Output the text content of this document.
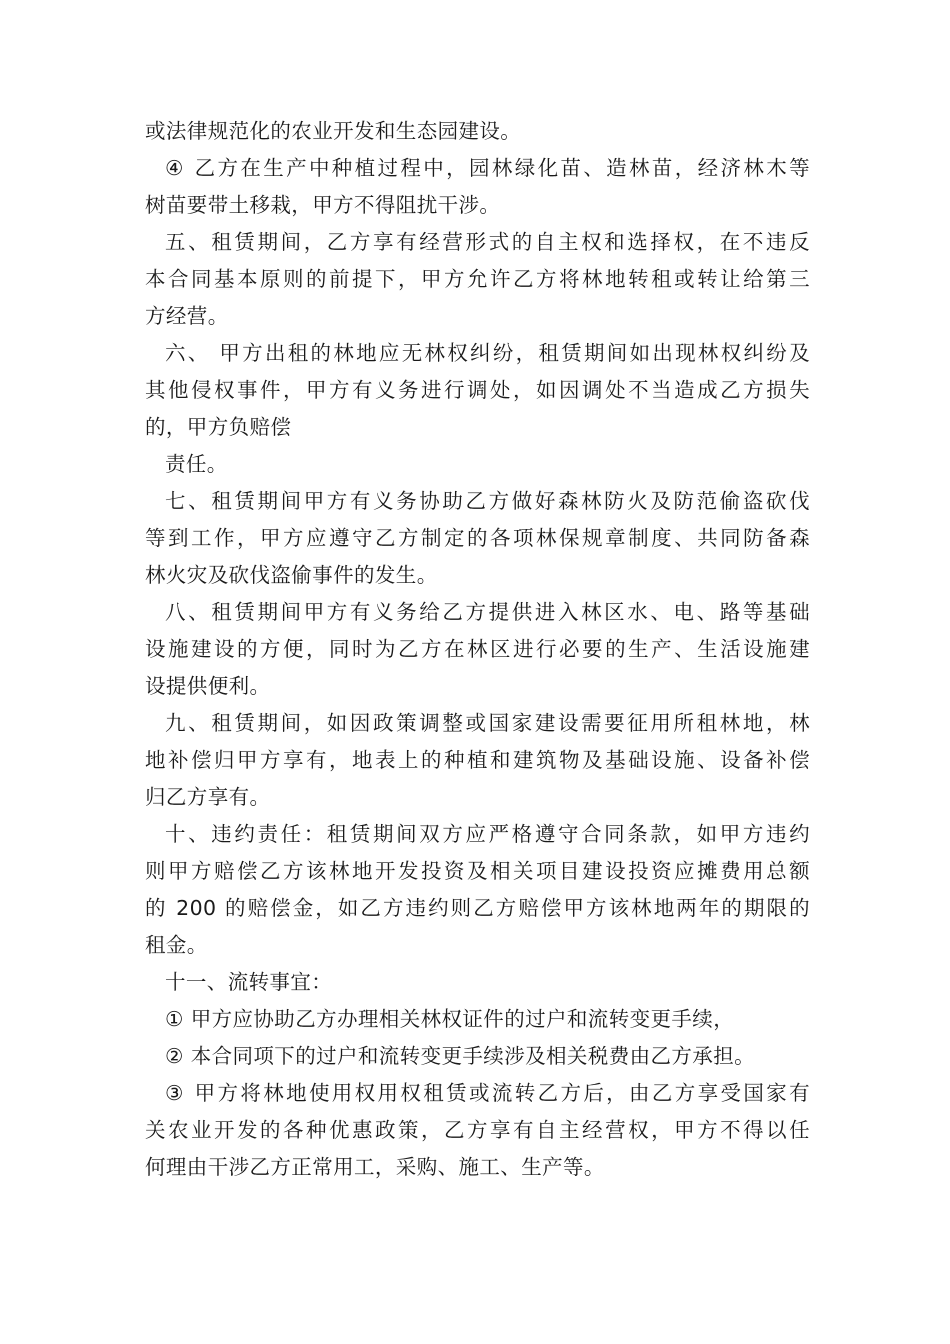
或法律规范化的农业开发和生态园建设。
④ 乙方在生产中种植过程中，园林绿化苗、造林苗，经济林木等
树苗要带土移栽，甲方不得阻扰干涉。
五、租赁期间，乙方享有经营形式的自主权和选择权，在不违反
本合同基本原则的前提下，甲方允许乙方将林地转租或转让给第三
方经营。
六、 甲方出租的林地应无林权纠纷，租赁期间如出现林权纠纷及
其他侵权事件，甲方有义务进行调处，如因调处不当造成乙方损失
的，甲方负赔偿
责任。
七、租赁期间甲方有义务协助乙方做好森林防火及防范偷盗砍伐
等到工作，甲方应遵守乙方制定的各项林保规章制度、共同防备森
林火灾及砍伐盗偷事件的发生。
八、租赁期间甲方有义务给乙方提供进入林区水、电、路等基础
设施建设的方便，同时为乙方在林区进行必要的生产、生活设施建
设提供便利。
九、租赁期间，如因政策调整或国家建设需要征用所租林地，林
地补偿归甲方享有，地表上的种植和建筑物及基础设施、设备补偿
归乙方享有。
十、违约责任：租赁期间双方应严格遵守合同条款，如甲方违约
则甲方赔偿乙方该林地开发投资及相关项目建设投资应摊费用总额
的 200 的赔偿金，如乙方违约则乙方赔偿甲方该林地两年的期限的
租金。
十一、流转事宜：
① 甲方应协助乙方办理相关林权证件的过户和流转变更手续，
② 本合同项下的过户和流转变更手续涉及相关税费由乙方承担。
③ 甲方将林地使用权用权租赁或流转乙方后，由乙方享受国家有
关农业开发的各种优惠政策，乙方享有自主经营权，甲方不得以任
何理由干涉乙方正常用工，采购、施工、生产等。
